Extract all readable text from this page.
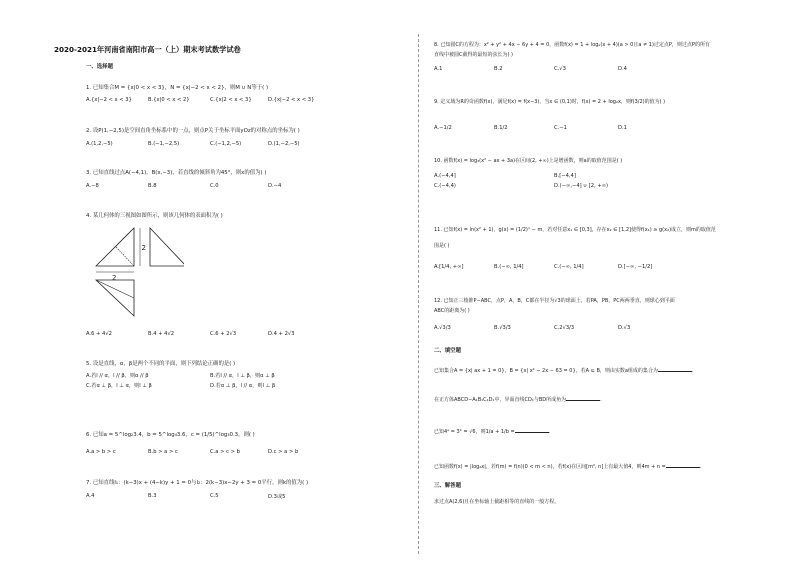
2020-2021年河南省南阳市高一（上）期末考试数学试卷
一、选择题
1. 已知集合M = {x|0 < x < 3}，N = {x|−2 < x < 2}，则M ∪ N等于( )
A.{x|−2 < x < 3}	B.{x|0 < x < 2}	C.{x|2 < x < 3}	D.{x|−2 < x < 3}
2. 设P(1,−2,5)是空间直角坐标系中的一点，则点P关于坐标平面yOz的对称点的坐标为( )
A.(1,2,−5)	B.(−1,−2,5)	C.(−1,2,−5)	D.(1,−2,−5)
3. 已知直线过点A(−4,1)，B(x,−3)，若直线的倾斜角为45°，则x的值为( )
A.−8	B.8	C.0	D.−4
4. 某几何体的三视图如图所示，则该几何体的表面积为( )
2
2
A.6 + 4√2	B.4 + 4√2	C.6 + 2√3	D.4 + 2√3
5. 设是直线，α，β是两个不同的平面，则下列结论正确的是( )
A.若l // α，l // β，则α // β	B.若l // α，l ⊥ β，则α ⊥ β
C.若α ⊥ β，l ⊥ α，则l ⊥ β	D.若α ⊥ β，l // α，则l ⊥ β
6. 已知a = 5^log₂3.4，b = 5^log₄3.6，c = (1/5)^log₃0.3，则( )
A.a > b > c	B.b > a > c	C.a > c > b	D.c > a > b
7. 已知直线l₁：(k−3)x + (4−k)y + 1 = 0与l₂：2(k−3)x−2y + 3 = 0平行，则k的值为( )
A.4	B.3	C.5	D.3或5
8. 已知圆C的方程为：x² + y² + 4x − 6y + 4 = 0，函数f(x) = 1 + logₐ(x + 4)(a > 0且a ≠ 1)过定点P，则过点P的所有
直线中被圆C截得的最短的弦长为( )
A.1	B.2	C.√3	D.4
9. 定义域为R的奇函数f(x)，满足f(x) = f(x−3)，当x ∈ (0,1)时，f(x) = 2 + log₂x，则f(3/2)的值为( )
A.−1/2	B.1/2	C.−1	D.1
10. 函数f(x) = log₃(x² − ax + 3a)在区间(2, +∞)上是增函数，则a的取值范围是( )
A.(−4,4]	B.[−4,4]
C.(−4,4)	D.(−∞,−4] ∪ [2, +∞)
11. 已知f(x) = ln(x² + 1)，g(x) = (1/2)ˣ − m，若对任意x₁ ∈ [0,3]，存在x₂ ∈ [1,2]使得f(x₁) ≥ g(x₂)成立，则m的取值范
围是( )
A.[1/4, +∞]	B.(−∞, 1/4]	C.(−∞, 1/4]	D.[−∞, −1/2]
12. 已知正三棱锥P−ABC，点P，A，B，C都在半径为√3的球面上，若PA，PB，PC两两垂直，则球心到平面
ABC的距离为( )
A.√3/3	B.√3/3	C.2√3/3	D.√3
二、填空题
已知集合A = {x| ax + 1 = 0}，B = {x| x² − 2x − 63 = 0}，若A ⊆ B，则由实数a组成的集合为	.
在正方体ABCD−A₁B₁C₁D₁中，异面直线CD₁与BD所成角为	.
已知4ᵃ = 3ᵇ = √6，则1/a + 1/b =	.
已知函数f(x) = |log₂x|，若f(m) = f(n)(0 < m < n)，若f(x)在区间[m², n]上有最大值4，则4m + n =	.
三、解答题
求过点A(2,6)且在坐标轴上截距相等的直线的一般方程。
